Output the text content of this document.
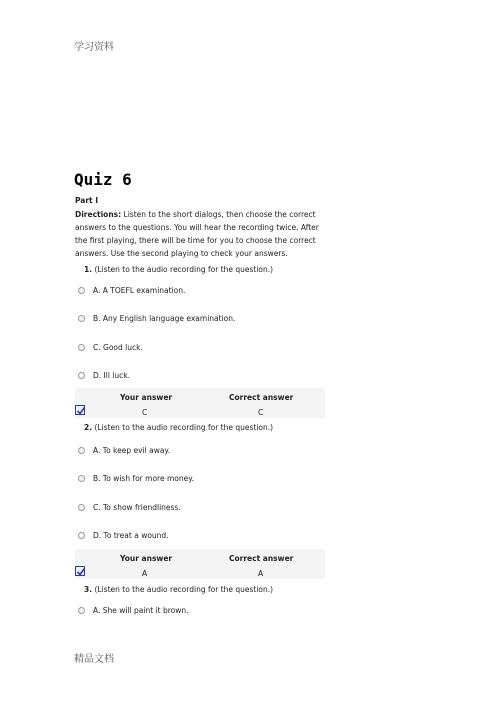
学习资料
Quiz 6
Part I

Directions: Listen to the short dialogs, then choose the correct answers to the questions. You will hear the recording twice. After the first playing, there will be time for you to choose the correct answers. Use the second playing to check your answers.

1. (Listen to the audio recording for the question.)
A. A TOEFL examination.
B. Any English language examination.
C. Good luck.
D. Ill luck.
Your answer	Correct answer
C	C
2. (Listen to the audio recording for the question.)
A. To keep evil away.
B. To wish for more money.
C. To show friendliness.
D. To treat a wound.
Your answer	Correct answer
A	A
3. (Listen to the audio recording for the question.)
A. She will paint it brown.
精品文档
